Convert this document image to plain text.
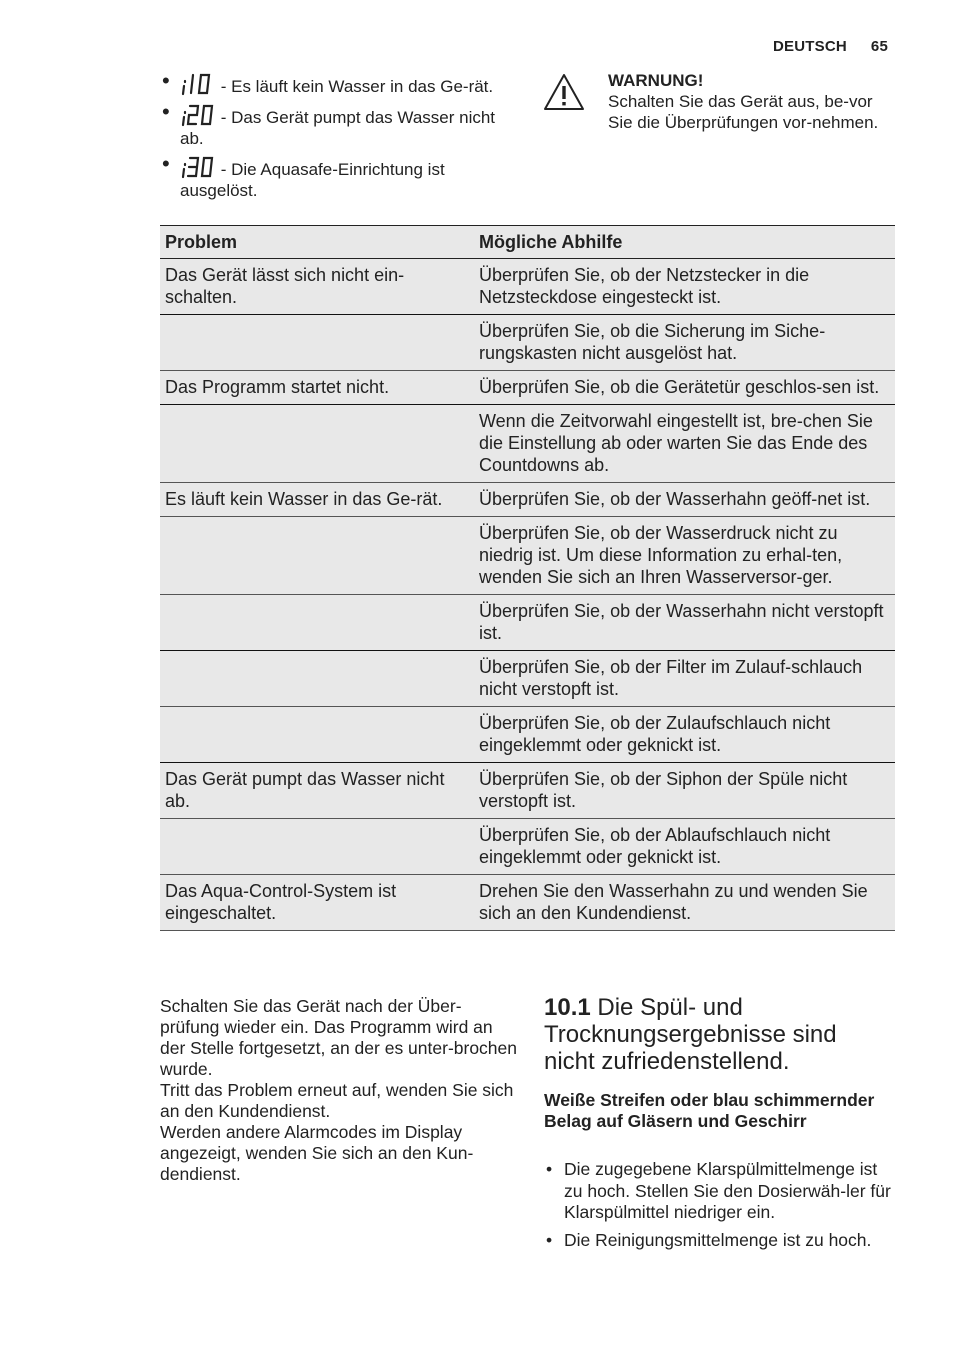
DEUTSCH 65
•	- Es läuft kein Wasser in das Ge-rät.
•	- Das Gerät pumpt das Wasser nicht ab.
•	- Die Aquasafe-Einrichtung ist ausgelöst.
WARNUNG!
Schalten Sie das Gerät aus, be-vor Sie die Überprüfungen vor-nehmen.
Problem	Mögliche Abhilfe
Das Gerät lässt sich nicht ein-schalten.	Überprüfen Sie, ob der Netzstecker in die Netzsteckdose eingesteckt ist.
	Überprüfen Sie, ob die Sicherung im Siche-rungskasten nicht ausgelöst hat.
Das Programm startet nicht.	Überprüfen Sie, ob die Gerätetür geschlos-sen ist.
	Wenn die Zeitvorwahl eingestellt ist, bre-chen Sie die Einstellung ab oder warten Sie das Ende des Countdowns ab.
Es läuft kein Wasser in das Ge-rät.	Überprüfen Sie, ob der Wasserhahn geöff-net ist.
	Überprüfen Sie, ob der Wasserdruck nicht zu niedrig ist. Um diese Information zu erhal-ten, wenden Sie sich an Ihren Wasserversor-ger.
	Überprüfen Sie, ob der Wasserhahn nicht verstopft ist.
	Überprüfen Sie, ob der Filter im Zulauf-schlauch nicht verstopft ist.
	Überprüfen Sie, ob der Zulaufschlauch nicht eingeklemmt oder geknickt ist.
Das Gerät pumpt das Wasser nicht ab.	Überprüfen Sie, ob der Siphon der Spüle nicht verstopft ist.
	Überprüfen Sie, ob der Ablaufschlauch nicht eingeklemmt oder geknickt ist.
Das Aqua-Control-System ist eingeschaltet.	Drehen Sie den Wasserhahn zu und wenden Sie sich an den Kundendienst.

Schalten Sie das Gerät nach der Über-prüfung wieder ein. Das Programm wird an der Stelle fortgesetzt, an der es unter-brochen wurde.

Tritt das Problem erneut auf, wenden Sie sich an den Kundendienst.

Werden andere Alarmcodes im Display angezeigt, wenden Sie sich an den Kun-dendienst.

10.1 Die Spül- und Trocknungsergebnisse sind nicht zufriedenstellend.
Weiße Streifen oder blau schimmernder Belag auf Gläsern und Geschirr
• Die zugegebene Klarspülmittelmenge ist zu hoch. Stellen Sie den Dosierwäh-ler für Klarspülmittel niedriger ein.
• Die Reinigungsmittelmenge ist zu hoch.
